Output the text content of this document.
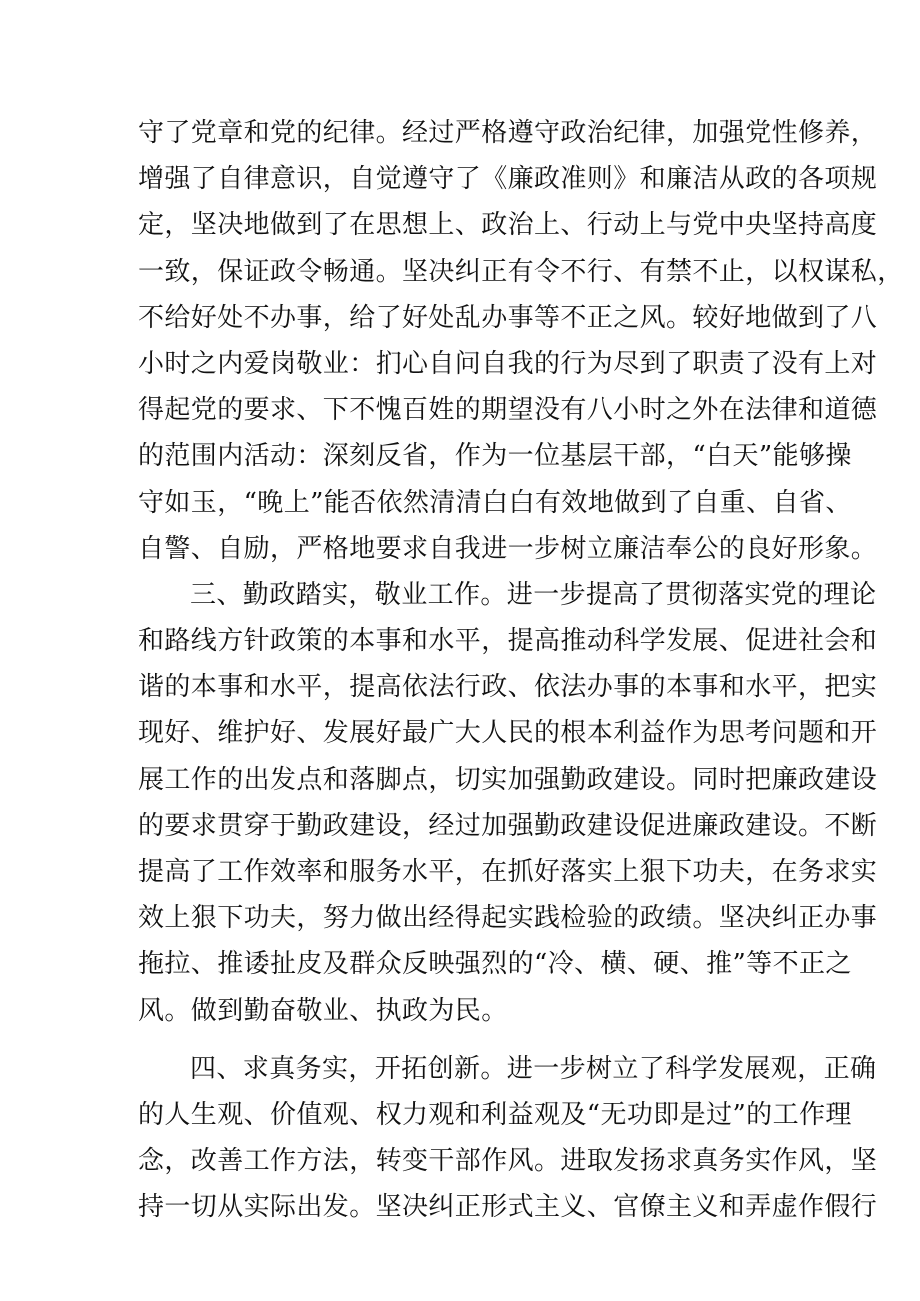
守了党章和党的纪律。经过严格遵守政治纪律，加强党性修养，
增强了自律意识，自觉遵守了《廉政准则》和廉洁从政的各项规
定，坚决地做到了在思想上、政治上、行动上与党中央坚持高度
一致，保证政令畅通。坚决纠正有令不行、有禁不止，以权谋私，
不给好处不办事，给了好处乱办事等不正之风。较好地做到了八
小时之内爱岗敬业：扪心自问自我的行为尽到了职责了没有上对
得起党的要求、下不愧百姓的期望没有八小时之外在法律和道德
的范围内活动：深刻反省，作为一位基层干部，“白天”能够操
守如玉，“晚上”能否依然清清白白有效地做到了自重、自省、
自警、自励，严格地要求自我进一步树立廉洁奉公的良好形象。
三、勤政踏实，敬业工作。进一步提高了贯彻落实党的理论
和路线方针政策的本事和水平，提高推动科学发展、促进社会和
谐的本事和水平，提高依法行政、依法办事的本事和水平，把实
现好、维护好、发展好最广大人民的根本利益作为思考问题和开
展工作的出发点和落脚点，切实加强勤政建设。同时把廉政建设
的要求贯穿于勤政建设，经过加强勤政建设促进廉政建设。不断
提高了工作效率和服务水平，在抓好落实上狠下功夫，在务求实
效上狠下功夫，努力做出经得起实践检验的政绩。坚决纠正办事
拖拉、推诿扯皮及群众反映强烈的“冷、横、硬、推”等不正之
风。做到勤奋敬业、执政为民。
四、求真务实，开拓创新。进一步树立了科学发展观，正确
的人生观、价值观、权力观和利益观及“无功即是过”的工作理
念，改善工作方法，转变干部作风。进取发扬求真务实作风，坚
持一切从实际出发。坚决纠正形式主义、官僚主义和弄虚作假行
